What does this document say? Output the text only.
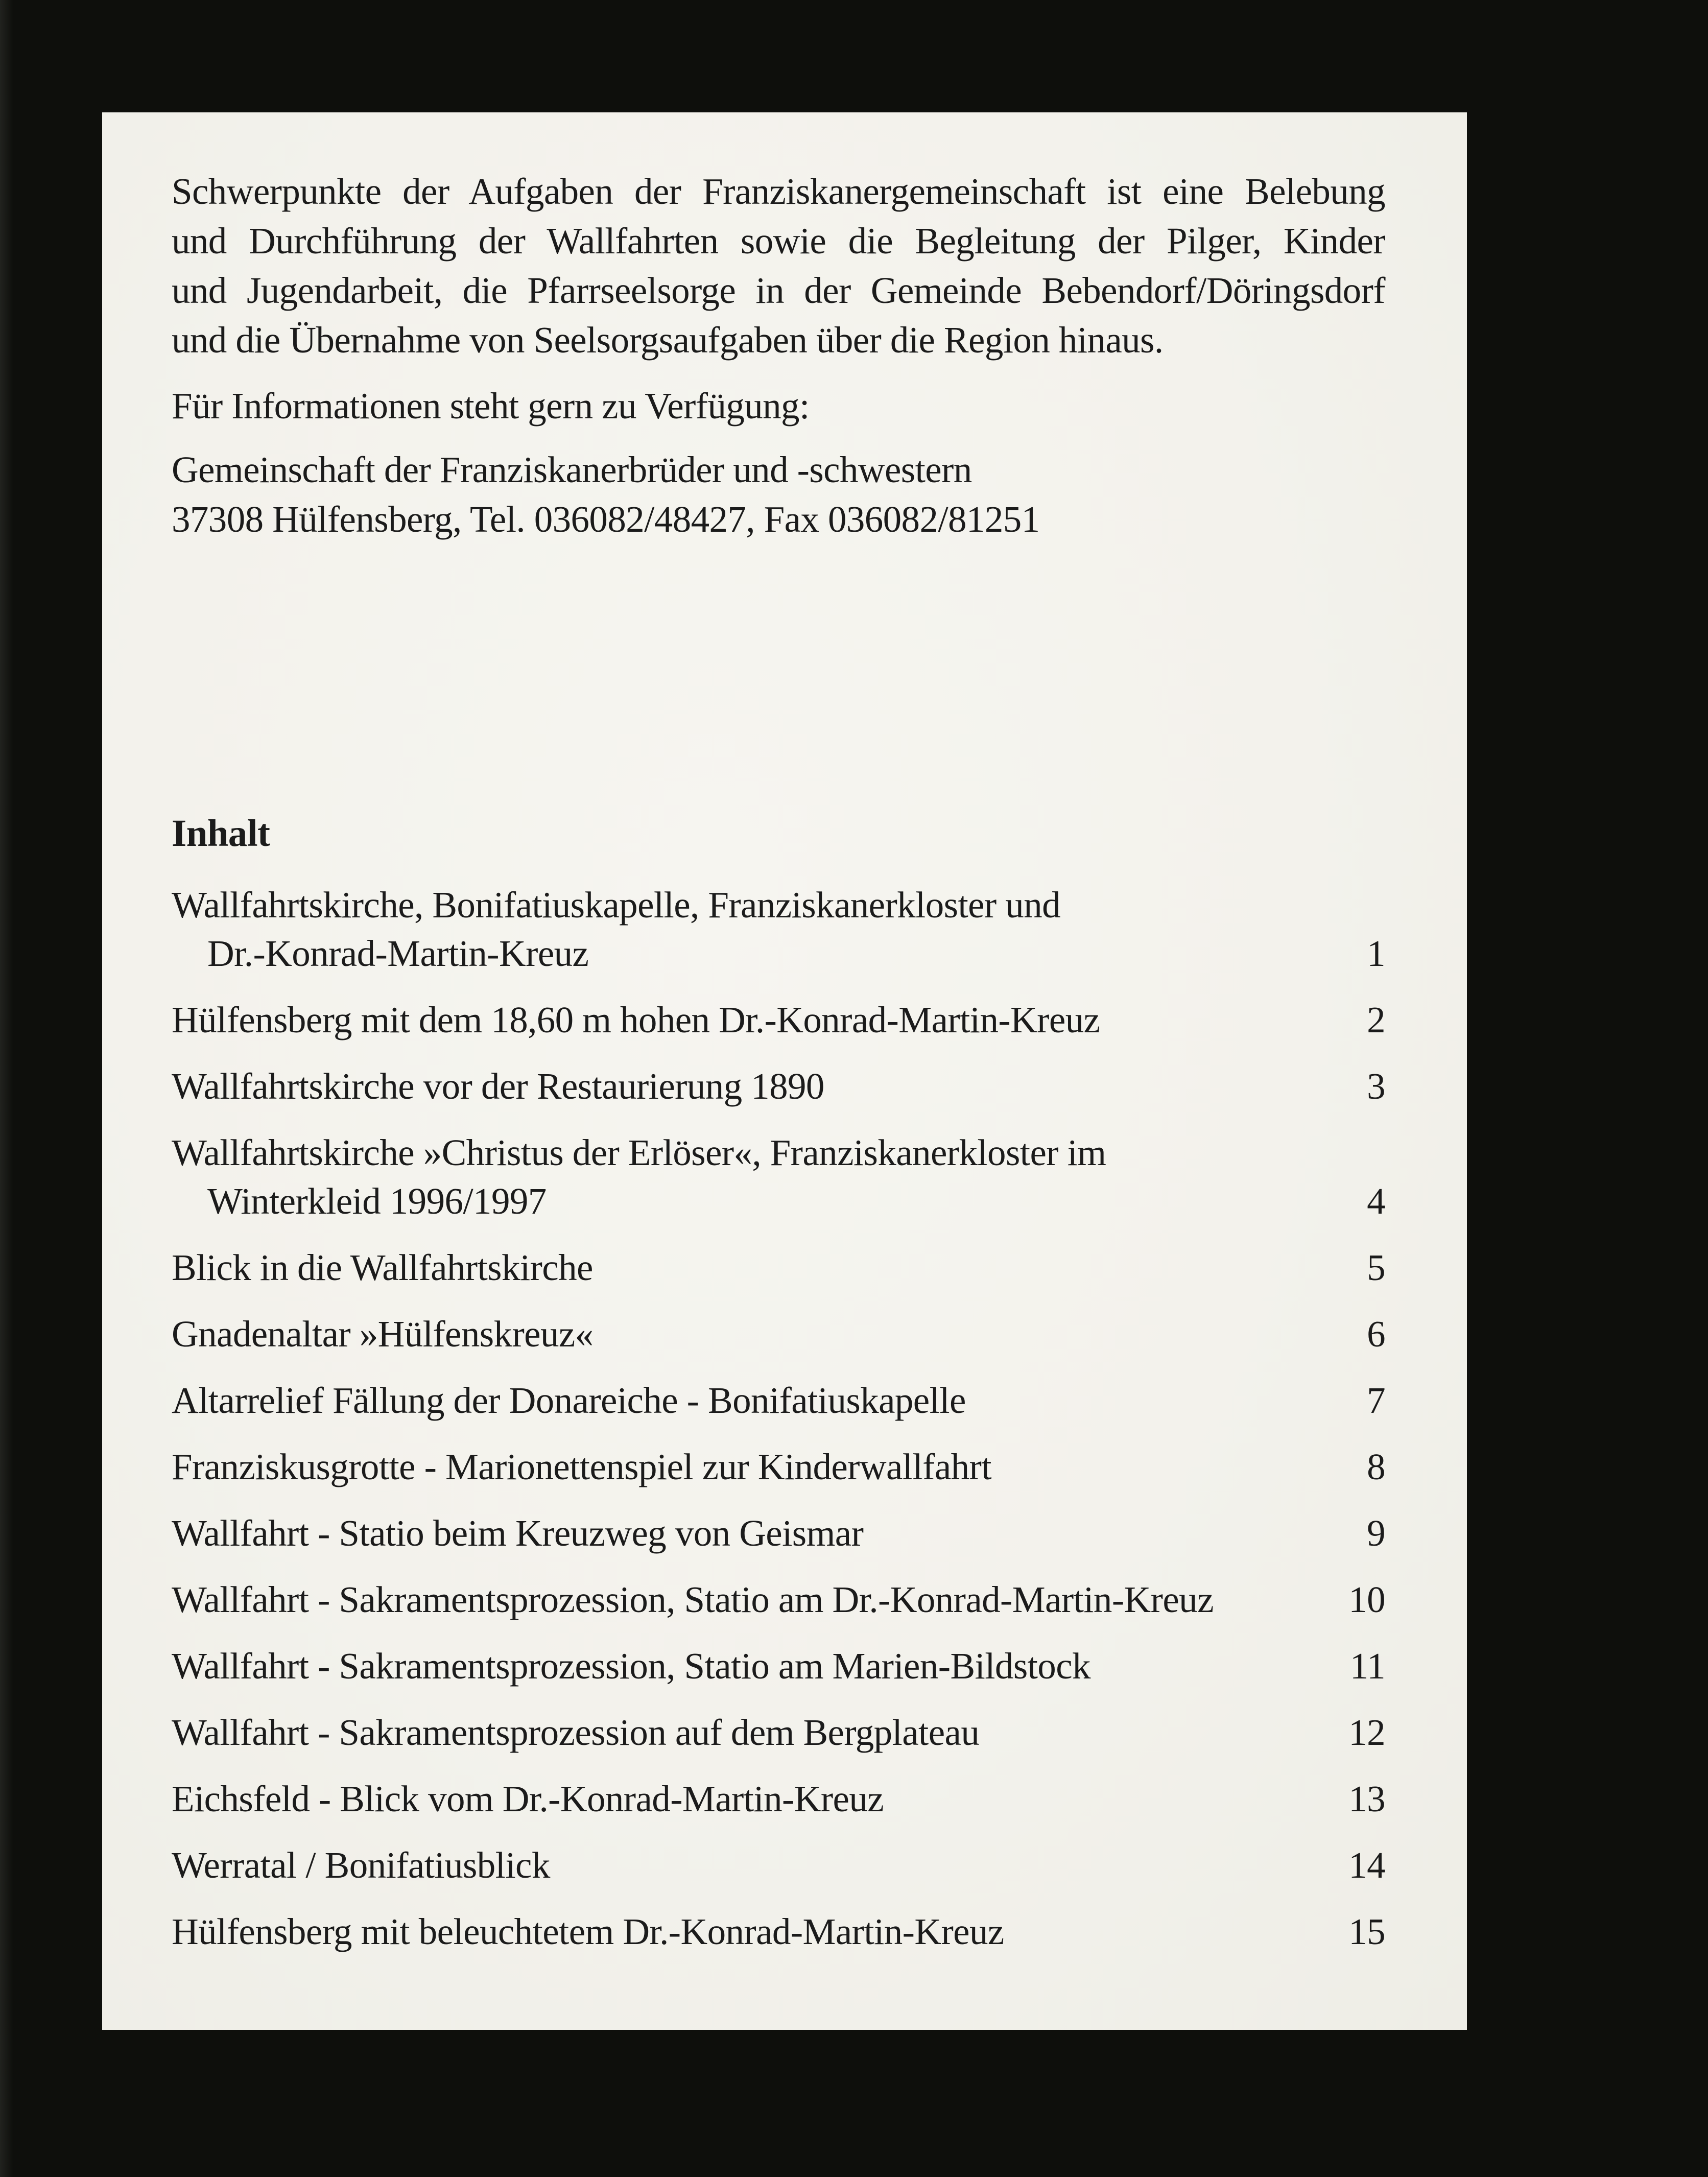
Schwerpunkte der Aufgaben der Franziskanergemeinschaft ist eine Belebung
und Durchführung der Wallfahrten sowie die Begleitung der Pilger, Kinder
und Jugendarbeit, die Pfarrseelsorge in der Gemeinde Bebendorf/Döringsdorf
und die Übernahme von Seelsorgsaufgaben über die Region hinaus.
Für Informationen steht gern zu Verfügung:
Gemeinschaft der Franziskanerbrüder und -schwestern
37308 Hülfensberg, Tel. 036082/48427, Fax 036082/81251
Inhalt
Wallfahrtskirche, Bonifatiuskapelle, Franziskanerkloster und
Dr.-Konrad-Martin-Kreuz	1
Hülfensberg mit dem 18,60 m hohen Dr.-Konrad-Martin-Kreuz	2
Wallfahrtskirche vor der Restaurierung 1890	3
Wallfahrtskirche »Christus der Erlöser«, Franziskanerkloster im
Winterkleid 1996/1997	4
Blick in die Wallfahrtskirche	5
Gnadenaltar »Hülfenskreuz«	6
Altarrelief Fällung der Donareiche - Bonifatiuskapelle	7
Franziskusgrotte - Marionettenspiel zur Kinderwallfahrt	8
Wallfahrt - Statio beim Kreuzweg von Geismar	9
Wallfahrt - Sakramentsprozession, Statio am Dr.-Konrad-Martin-Kreuz	10
Wallfahrt - Sakramentsprozession, Statio am Marien-Bildstock	11
Wallfahrt - Sakramentsprozession auf dem Bergplateau	12
Eichsfeld - Blick vom Dr.-Konrad-Martin-Kreuz	13
Werratal / Bonifatiusblick	14
Hülfensberg mit beleuchtetem Dr.-Konrad-Martin-Kreuz	15
